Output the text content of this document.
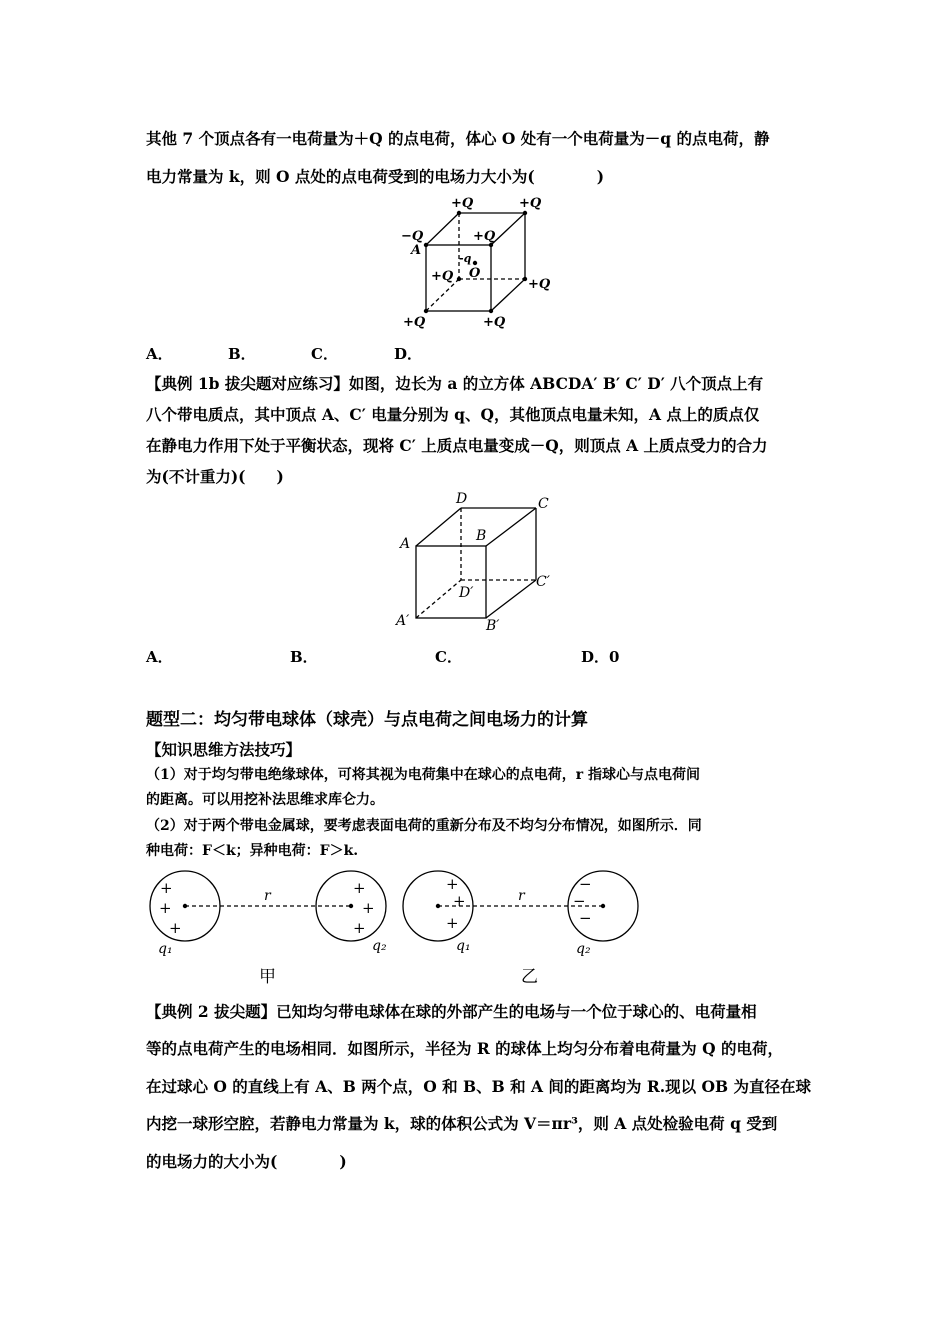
其他 7 个顶点各有一电荷量为＋Q 的点电荷，体心 O 处有一个电荷量为－q 的点电荷，静
电力常量为 k，则 O 点处的点电荷受到的电场力大小为(　　　　)
+Q	+Q
−Q
A
+Q
-q
O
+Q
+Q
+Q	+Q
A．	B．	C．	D．
【典例 1b 拔尖题对应练习】如图，边长为 a 的立方体 ABCDA′ B′ C′ D′ 八个顶点上有
八个带电质点，其中顶点 A、C′ 电量分别为 q、Q，其他顶点电量未知，A 点上的质点仅
在静电力作用下处于平衡状态，现将 C′ 上质点电量变成－Q，则顶点 A 上质点受力的合力
为(不计重力)(　　)
D	C
A	B
C′
D′
A′	B′
A．	B．	C．	D．0
题型二：均匀带电球体（球壳）与点电荷之间电场力的计算
【知识思维方法技巧】
（1）对于均匀带电绝缘球体，可将其视为电荷集中在球心的点电荷，r 指球心与点电荷间
的距离。可以用挖补法思维求库仑力。
（2）对于两个带电金属球，要考虑表面电荷的重新分布及不均匀分布情况，如图所示．同
种电荷：F＜k；异种电荷：F＞k.
+
+
+
+
+
+
+
+
+
−
−
−
r	r
q₁	q₂	q₁	q₂
甲	乙
【典例 2 拔尖题】已知均匀带电球体在球的外部产生的电场与一个位于球心的、电荷量相
等的点电荷产生的电场相同．如图所示，半径为 R 的球体上均匀分布着电荷量为 Q 的电荷，
在过球心 O 的直线上有 A、B 两个点，O 和 B、B 和 A 间的距离均为 R.现以 OB 为直径在球
内挖一球形空腔，若静电力常量为 k，球的体积公式为 V＝πr³，则 A 点处检验电荷 q 受到
的电场力的大小为(　　　　)
